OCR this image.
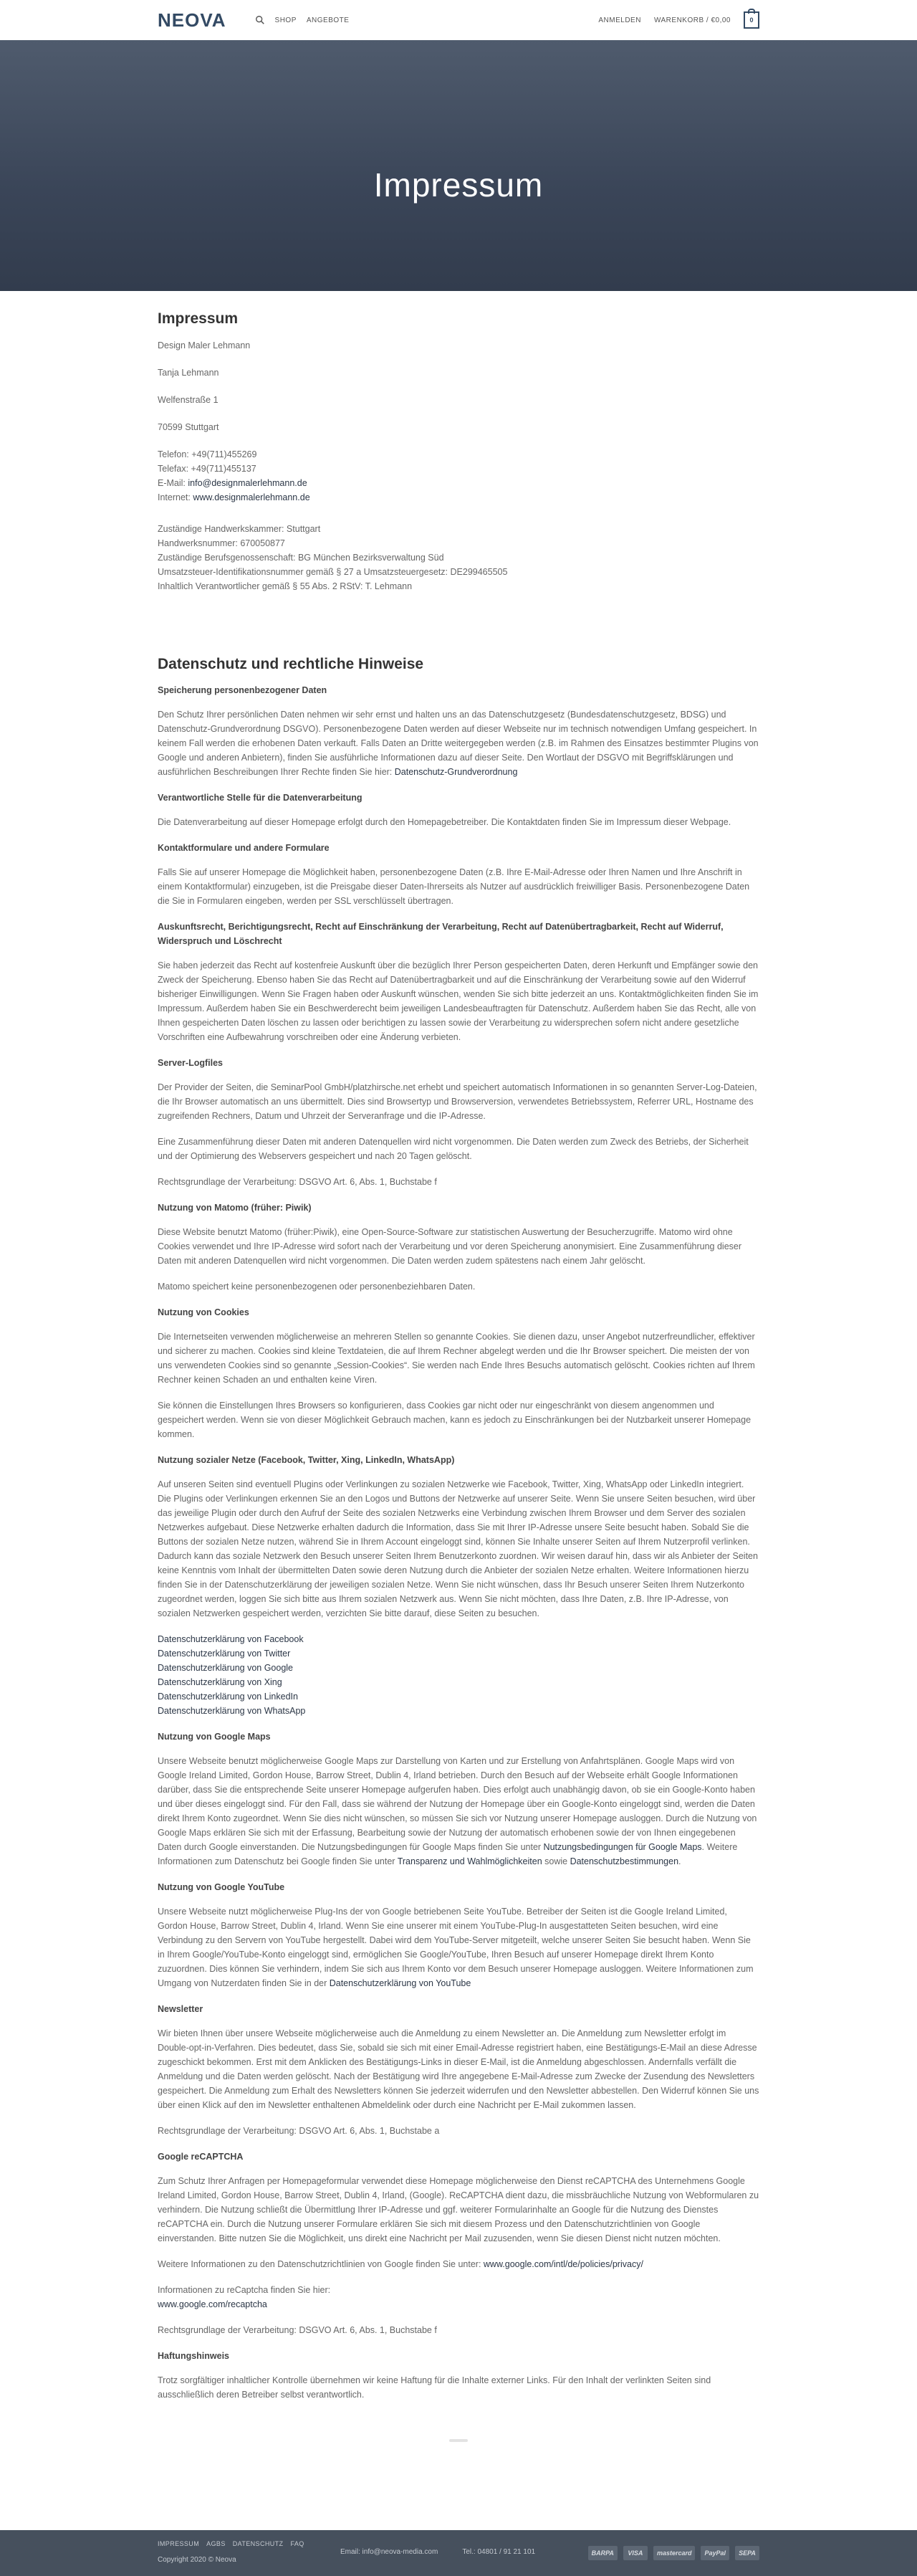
NEOVA	SHOP ANGEBOTE	ANMELDEN WARENKORB / €0,00	0
Impressum
Impressum

Design Maler Lehmann

Tanja Lehmann

Welfenstraße 1

70599 Stuttgart

Telefon: +49(711)455269
Telefax: +49(711)455137
E-Mail: info@designmalerlehmann.de
Internet: www.designmalerlehmann.de

Zuständige Handwerkskammer: Stuttgart
Handwerksnummer: 670050877
Zuständige Berufsgenossenschaft: BG München Bezirksverwaltung Süd
Umsatzsteuer-Identifikationsnummer gemäß § 27 a Umsatzsteuergesetz: DE299465505
Inhaltlich Verantwortlicher gemäß § 55 Abs. 2 RStV: T. Lehmann

Datenschutz und rechtliche Hinweise
Speicherung personenbezogener Daten

Den Schutz Ihrer persönlichen Daten nehmen wir sehr ernst und halten uns an das Datenschutzgesetz (Bundesdatenschutzgesetz, BDSG) und Datenschutz-Grundverordnung DSGVO). Personenbezogene Daten werden auf dieser Webseite nur im technisch notwendigen Umfang gespeichert. In keinem Fall werden die erhobenen Daten verkauft. Falls Daten an Dritte weitergegeben werden (z.B. im Rahmen des Einsatzes bestimmter Plugins von Google und anderen Anbietern), finden Sie ausführliche Informationen dazu auf dieser Seite. Den Wortlaut der DSGVO mit Begriffsklärungen und ausführlichen Beschreibungen Ihrer Rechte finden Sie hier: Datenschutz-Grundverordnung

Verantwortliche Stelle für die Datenverarbeitung

Die Datenverarbeitung auf dieser Homepage erfolgt durch den Homepagebetreiber. Die Kontaktdaten finden Sie im Impressum dieser Webpage.

Kontaktformulare und andere Formulare

Falls Sie auf unserer Homepage die Möglichkeit haben, personenbezogene Daten (z.B. Ihre E-Mail-Adresse oder Ihren Namen und Ihre Anschrift in einem Kontaktformular) einzugeben, ist die Preisgabe dieser Daten-Ihrerseits als Nutzer auf ausdrücklich freiwilliger Basis. Personenbezogene Daten die Sie in Formularen eingeben, werden per SSL verschlüsselt übertragen.

Auskunftsrecht, Berichtigungsrecht, Recht auf Einschränkung der Verarbeitung, Recht auf Datenübertragbarkeit, Recht auf Widerruf, Widerspruch und Löschrecht

Sie haben jederzeit das Recht auf kostenfreie Auskunft über die bezüglich Ihrer Person gespeicherten Daten, deren Herkunft und Empfänger sowie den Zweck der Speicherung. Ebenso haben Sie das Recht auf Datenübertragbarkeit und auf die Einschränkung der Verarbeitung sowie auf den Widerruf bisheriger Einwilligungen. Wenn Sie Fragen haben oder Auskunft wünschen, wenden Sie sich bitte jederzeit an uns. Kontaktmöglichkeiten finden Sie im Impressum. Außerdem haben Sie ein Beschwerderecht beim jeweiligen Landesbeauftragten für Datenschutz. Außerdem haben Sie das Recht, alle von Ihnen gespeicherten Daten löschen zu lassen oder berichtigen zu lassen sowie der Verarbeitung zu widersprechen sofern nicht andere gesetzliche Vorschriften eine Aufbewahrung vorschreiben oder eine Änderung verbieten.

Server-Logfiles

Der Provider der Seiten, die SeminarPool GmbH/platzhirsche.net erhebt und speichert automatisch Informationen in so genannten Server-Log-Dateien, die Ihr Browser automatisch an uns übermittelt. Dies sind Browsertyp und Browserversion, verwendetes Betriebssystem, Referrer URL, Hostname des zugreifenden Rechners, Datum und Uhrzeit der Serveranfrage und die IP-Adresse.

Eine Zusammenführung dieser Daten mit anderen Datenquellen wird nicht vorgenommen. Die Daten werden zum Zweck des Betriebs, der Sicherheit und der Optimierung des Webservers gespeichert und nach 20 Tagen gelöscht.

Rechtsgrundlage der Verarbeitung: DSGVO Art. 6, Abs. 1, Buchstabe f

Nutzung von Matomo (früher: Piwik)

Diese Website benutzt Matomo (früher:Piwik), eine Open-Source-Software zur statistischen Auswertung der Besucherzugriffe. Matomo wird ohne Cookies verwendet und Ihre IP-Adresse wird sofort nach der Verarbeitung und vor deren Speicherung anonymisiert. Eine Zusammenführung dieser Daten mit anderen Datenquellen wird nicht vorgenommen. Die Daten werden zudem spätestens nach einem Jahr gelöscht.

Matomo speichert keine personenbezogenen oder personenbeziehbaren Daten.

Nutzung von Cookies

Die Internetseiten verwenden möglicherweise an mehreren Stellen so genannte Cookies. Sie dienen dazu, unser Angebot nutzerfreundlicher, effektiver und sicherer zu machen. Cookies sind kleine Textdateien, die auf Ihrem Rechner abgelegt werden und die Ihr Browser speichert. Die meisten der von uns verwendeten Cookies sind so genannte „Session-Cookies“. Sie werden nach Ende Ihres Besuchs automatisch gelöscht. Cookies richten auf Ihrem Rechner keinen Schaden an und enthalten keine Viren.

Sie können die Einstellungen Ihres Browsers so konfigurieren, dass Cookies gar nicht oder nur eingeschränkt von diesem angenommen und gespeichert werden. Wenn sie von dieser Möglichkeit Gebrauch machen, kann es jedoch zu Einschränkungen bei der Nutzbarkeit unserer Homepage kommen.

Nutzung sozialer Netze (Facebook, Twitter, Xing, LinkedIn, WhatsApp)

Auf unseren Seiten sind eventuell Plugins oder Verlinkungen zu sozialen Netzwerke wie Facebook, Twitter, Xing, WhatsApp oder LinkedIn integriert. Die Plugins oder Verlinkungen erkennen Sie an den Logos und Buttons der Netzwerke auf unserer Seite. Wenn Sie unsere Seiten besuchen, wird über das jeweilige Plugin oder durch den Aufruf der Seite des sozialen Netzwerks eine Verbindung zwischen Ihrem Browser und dem Server des sozialen Netzwerkes aufgebaut. Diese Netzwerke erhalten dadurch die Information, dass Sie mit Ihrer IP-Adresse unsere Seite besucht haben. Sobald Sie die Buttons der sozialen Netze nutzen, während Sie in Ihrem Account eingeloggt sind, können Sie Inhalte unserer Seiten auf Ihrem Nutzerprofil verlinken. Dadurch kann das soziale Netzwerk den Besuch unserer Seiten Ihrem Benutzerkonto zuordnen. Wir weisen darauf hin, dass wir als Anbieter der Seiten keine Kenntnis vom Inhalt der übermittelten Daten sowie deren Nutzung durch die Anbieter der sozialen Netze erhalten. Weitere Informationen hierzu finden Sie in der Datenschutzerklärung der jeweiligen sozialen Netze. Wenn Sie nicht wünschen, dass Ihr Besuch unserer Seiten Ihrem Nutzerkonto zugeordnet werden, loggen Sie sich bitte aus Ihrem sozialen Netzwerk aus. Wenn Sie nicht möchten, dass Ihre Daten, z.B. Ihre IP-Adresse, von sozialen Netzwerken gespeichert werden, verzichten Sie bitte darauf, diese Seiten zu besuchen.

Datenschutzerklärung von Facebook
Datenschutzerklärung von Twitter
Datenschutzerklärung von Google
Datenschutzerklärung von Xing
Datenschutzerklärung von LinkedIn
Datenschutzerklärung von WhatsApp

Nutzung von Google Maps

Unsere Webseite benutzt möglicherweise Google Maps zur Darstellung von Karten und zur Erstellung von Anfahrtsplänen. Google Maps wird von Google Ireland Limited, Gordon House, Barrow Street, Dublin 4, Irland betrieben. Durch den Besuch auf der Webseite erhält Google Informationen darüber, dass Sie die entsprechende Seite unserer Homepage aufgerufen haben. Dies erfolgt auch unabhängig davon, ob sie ein Google-Konto haben und über dieses eingeloggt sind. Für den Fall, dass sie während der Nutzung der Homepage über ein Google-Konto eingeloggt sind, werden die Daten direkt Ihrem Konto zugeordnet. Wenn Sie dies nicht wünschen, so müssen Sie sich vor Nutzung unserer Homepage ausloggen. Durch die Nutzung von Google Maps erklären Sie sich mit der Erfassung, Bearbeitung sowie der Nutzung der automatisch erhobenen sowie der von Ihnen eingegebenen Daten durch Google einverstanden. Die Nutzungsbedingungen für Google Maps finden Sie unter Nutzungsbedingungen für Google Maps. Weitere Informationen zum Datenschutz bei Google finden Sie unter Transparenz und Wahlmöglichkeiten sowie Datenschutzbestimmungen.

Nutzung von Google YouTube

Unsere Webseite nutzt möglicherweise Plug-Ins der von Google betriebenen Seite YouTube. Betreiber der Seiten ist die Google Ireland Limited, Gordon House, Barrow Street, Dublin 4, Irland. Wenn Sie eine unserer mit einem YouTube-Plug-In ausgestatteten Seiten besuchen, wird eine Verbindung zu den Servern von YouTube hergestellt. Dabei wird dem YouTube-Server mitgeteilt, welche unserer Seiten Sie besucht haben. Wenn Sie in Ihrem Google/YouTube-Konto eingeloggt sind, ermöglichen Sie Google/YouTube, Ihren Besuch auf unserer Homepage direkt Ihrem Konto zuzuordnen. Dies können Sie verhindern, indem Sie sich aus Ihrem Konto vor dem Besuch unserer Homepage ausloggen. Weitere Informationen zum Umgang von Nutzerdaten finden Sie in der Datenschutzerklärung von YouTube

Newsletter

Wir bieten Ihnen über unsere Webseite möglicherweise auch die Anmeldung zu einem Newsletter an. Die Anmeldung zum Newsletter erfolgt im Double-opt-in-Verfahren. Dies bedeutet, dass Sie, sobald sie sich mit einer Email-Adresse registriert haben, eine Bestätigungs-E-Mail an diese Adresse zugeschickt bekommen. Erst mit dem Anklicken des Bestätigungs-Links in dieser E-Mail, ist die Anmeldung abgeschlossen. Andernfalls verfällt die Anmeldung und die Daten werden gelöscht. Nach der Bestätigung wird Ihre angegebene E-Mail-Adresse zum Zwecke der Zusendung des Newsletters gespeichert. Die Anmeldung zum Erhalt des Newsletters können Sie jederzeit widerrufen und den Newsletter abbestellen. Den Widerruf können Sie uns über einen Klick auf den im Newsletter enthaltenen Abmeldelink oder durch eine Nachricht per E-Mail zukommen lassen.

Rechtsgrundlage der Verarbeitung: DSGVO Art. 6, Abs. 1, Buchstabe a

Google reCAPTCHA

Zum Schutz Ihrer Anfragen per Homepageformular verwendet diese Homepage möglicherweise den Dienst reCAPTCHA des Unternehmens Google Ireland Limited, Gordon House, Barrow Street, Dublin 4, Irland, (Google). ReCAPTCHA dient dazu, die missbräuchliche Nutzung von Webformularen zu verhindern. Die Nutzung schließt die Übermittlung Ihrer IP-Adresse und ggf. weiterer Formularinhalte an Google für die Nutzung des Dienstes reCAPTCHA ein. Durch die Nutzung unserer Formulare erklären Sie sich mit diesem Prozess und den Datenschutzrichtlinien von Google einverstanden. Bitte nutzen Sie die Möglichkeit, uns direkt eine Nachricht per Mail zuzusenden, wenn Sie diesen Dienst nicht nutzen möchten.

Weitere Informationen zu den Datenschutzrichtlinien von Google finden Sie unter: www.google.com/intl/de/policies/privacy/

Informationen zu reCaptcha finden Sie hier:
www.google.com/recaptcha

Rechtsgrundlage der Verarbeitung: DSGVO Art. 6, Abs. 1, Buchstabe f

Haftungshinweis

Trotz sorgfältiger inhaltlicher Kontrolle übernehmen wir keine Haftung für die Inhalte externer Links. Für den Inhalt der verlinkten Seiten sind ausschließlich deren Betreiber selbst verantwortlich.

IMPRESSUM AGBS DATENSCHUTZ FAQ
Copyright 2020 © Neova
Email: info@neova-media.com	Tel.: 04801 / 91 21 101	BARPA	VISA	mastercard	PayPal	SEPA
